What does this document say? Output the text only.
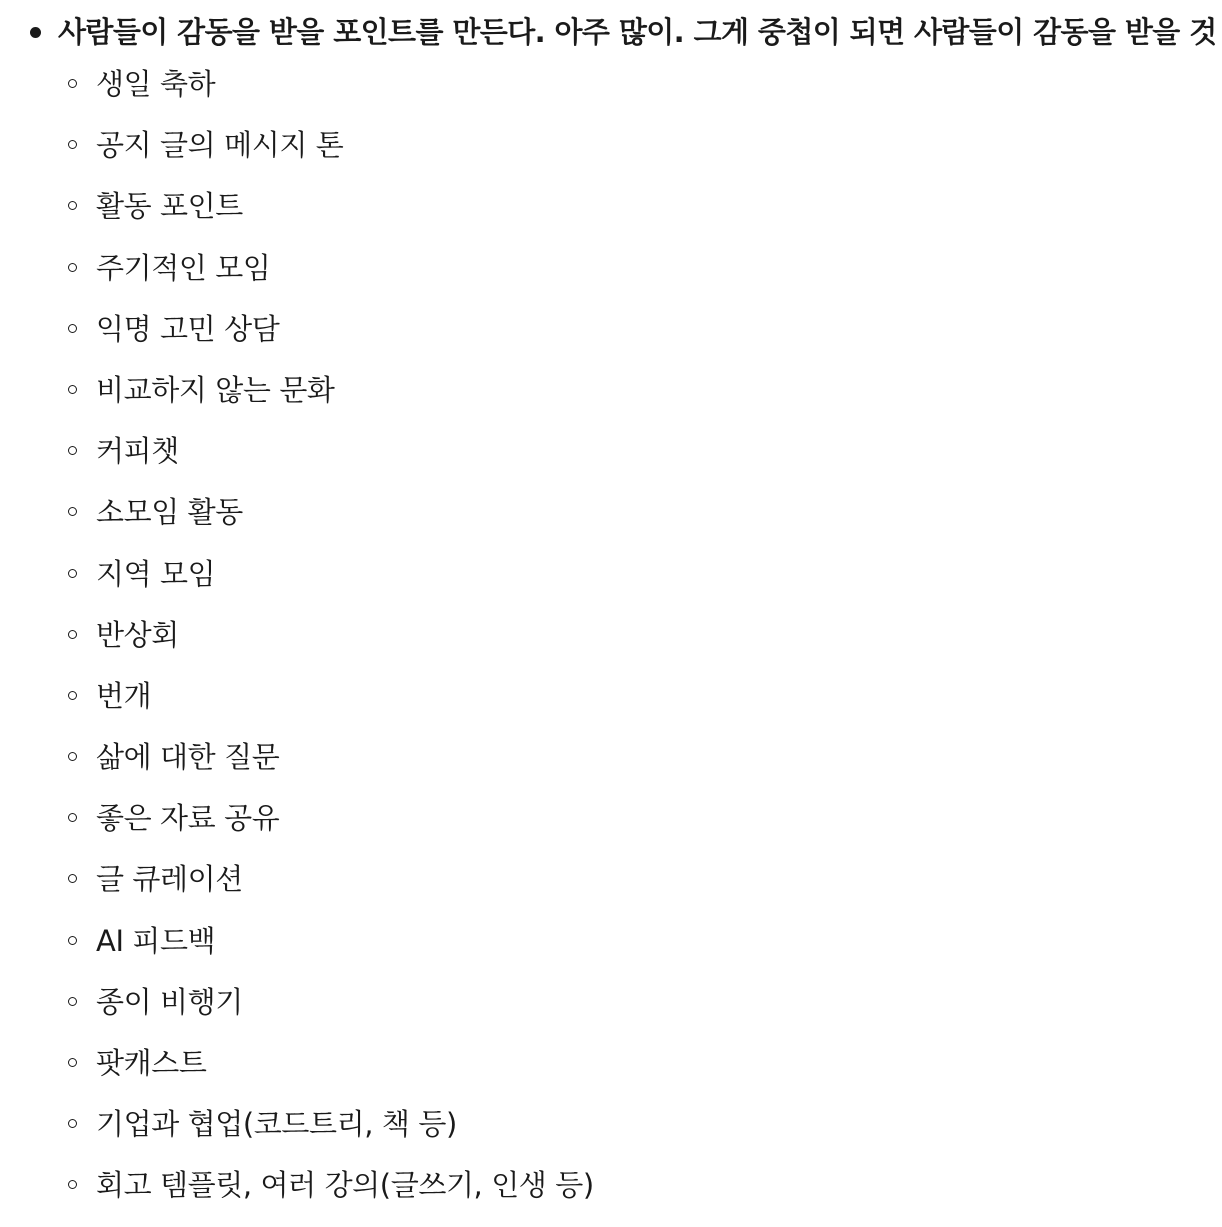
사람들이 감동을 받을 포인트를 만든다. 아주 많이. 그게 중첩이 되면 사람들이 감동을 받을 것
생일 축하
공지 글의 메시지 톤
활동 포인트
주기적인 모임
익명 고민 상담
비교하지 않는 문화
커피챗
소모임 활동
지역 모임
반상회
번개
삶에 대한 질문
좋은 자료 공유
글 큐레이션
AI 피드백
종이 비행기
팟캐스트
기업과 협업(코드트리, 책 등)
회고 템플릿, 여러 강의(글쓰기, 인생 등)
